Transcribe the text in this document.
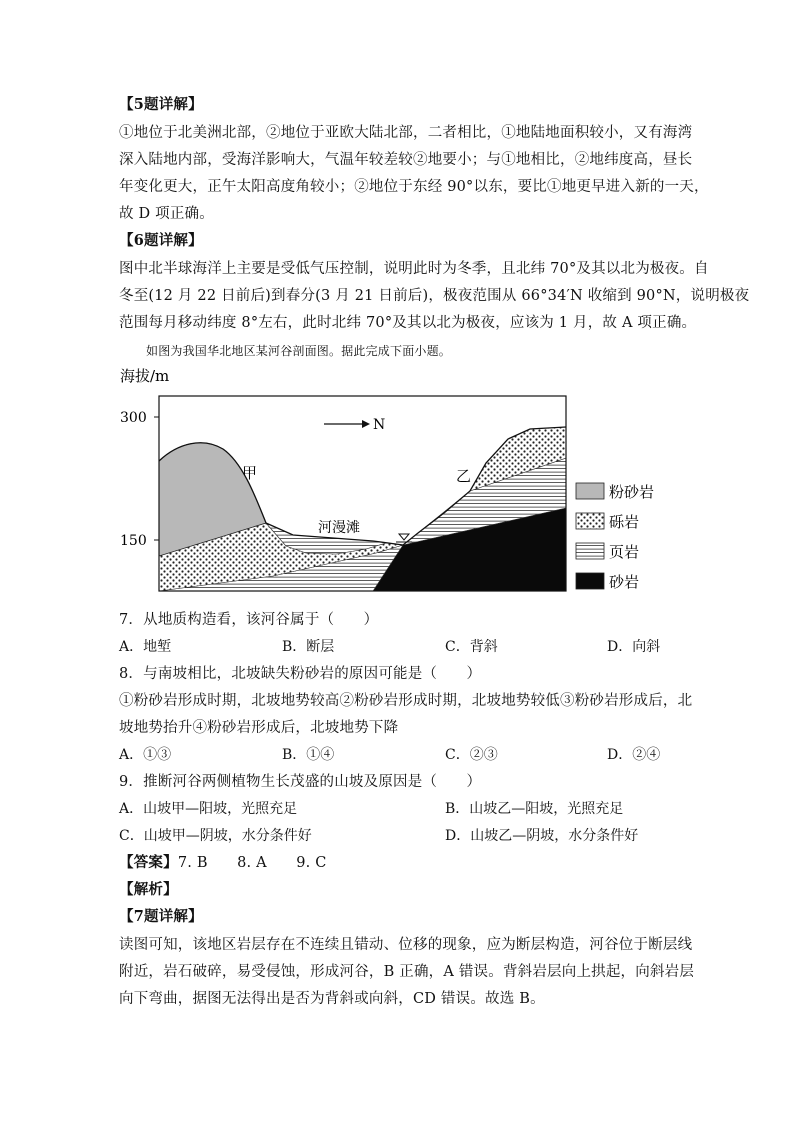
【5题详解】
①地位于北美洲北部，②地位于亚欧大陆北部，二者相比，①地陆地面积较小，又有海湾
深入陆地内部，受海洋影响大，气温年较差较②地要小；与①地相比，②地纬度高，昼长
年变化更大，正午太阳高度角较小；②地位于东经 90°以东，要比①地更早进入新的一天，
故 D 项正确。
【6题详解】
图中北半球海洋上主要是受低气压控制，说明此时为冬季，且北纬 70°及其以北为极夜。自
冬至(12 月 22 日前后)到春分(3 月 21 日前后)，极夜范围从 66°34′N 收缩到 90°N，说明极夜
范围每月移动纬度 8°左右，此时北纬 70°及其以北为极夜，应该为 1 月，故 A 项正确。
如图为我国华北地区某河谷剖面图。据此完成下面小题。
海拔/m
300
150
N
甲	乙
河漫滩
粉砂岩
砾岩
页岩
砂岩
7．从地质构造看，该河谷属于（　　）
A．地堑	B．断层	C．背斜	D．向斜
8．与南坡相比，北坡缺失粉砂岩的原因可能是（　　）
①粉砂岩形成时期，北坡地势较高②粉砂岩形成时期，北坡地势较低③粉砂岩形成后，北
坡地势抬升④粉砂岩形成后，北坡地势下降
A．①③	B．①④	C．②③	D．②④
9．推断河谷两侧植物生长茂盛的山坡及原因是（　　）
A．山坡甲—阳坡，光照充足	B．山坡乙—阳坡，光照充足
C．山坡甲—阴坡，水分条件好	D．山坡乙—阴坡，水分条件好
【答案】7. B　　8. A　　9. C
【解析】
【7题详解】
读图可知，该地区岩层存在不连续且错动、位移的现象，应为断层构造，河谷位于断层线
附近，岩石破碎，易受侵蚀，形成河谷，B 正确，A 错误。背斜岩层向上拱起，向斜岩层
向下弯曲，据图无法得出是否为背斜或向斜，CD 错误。故选 B。
